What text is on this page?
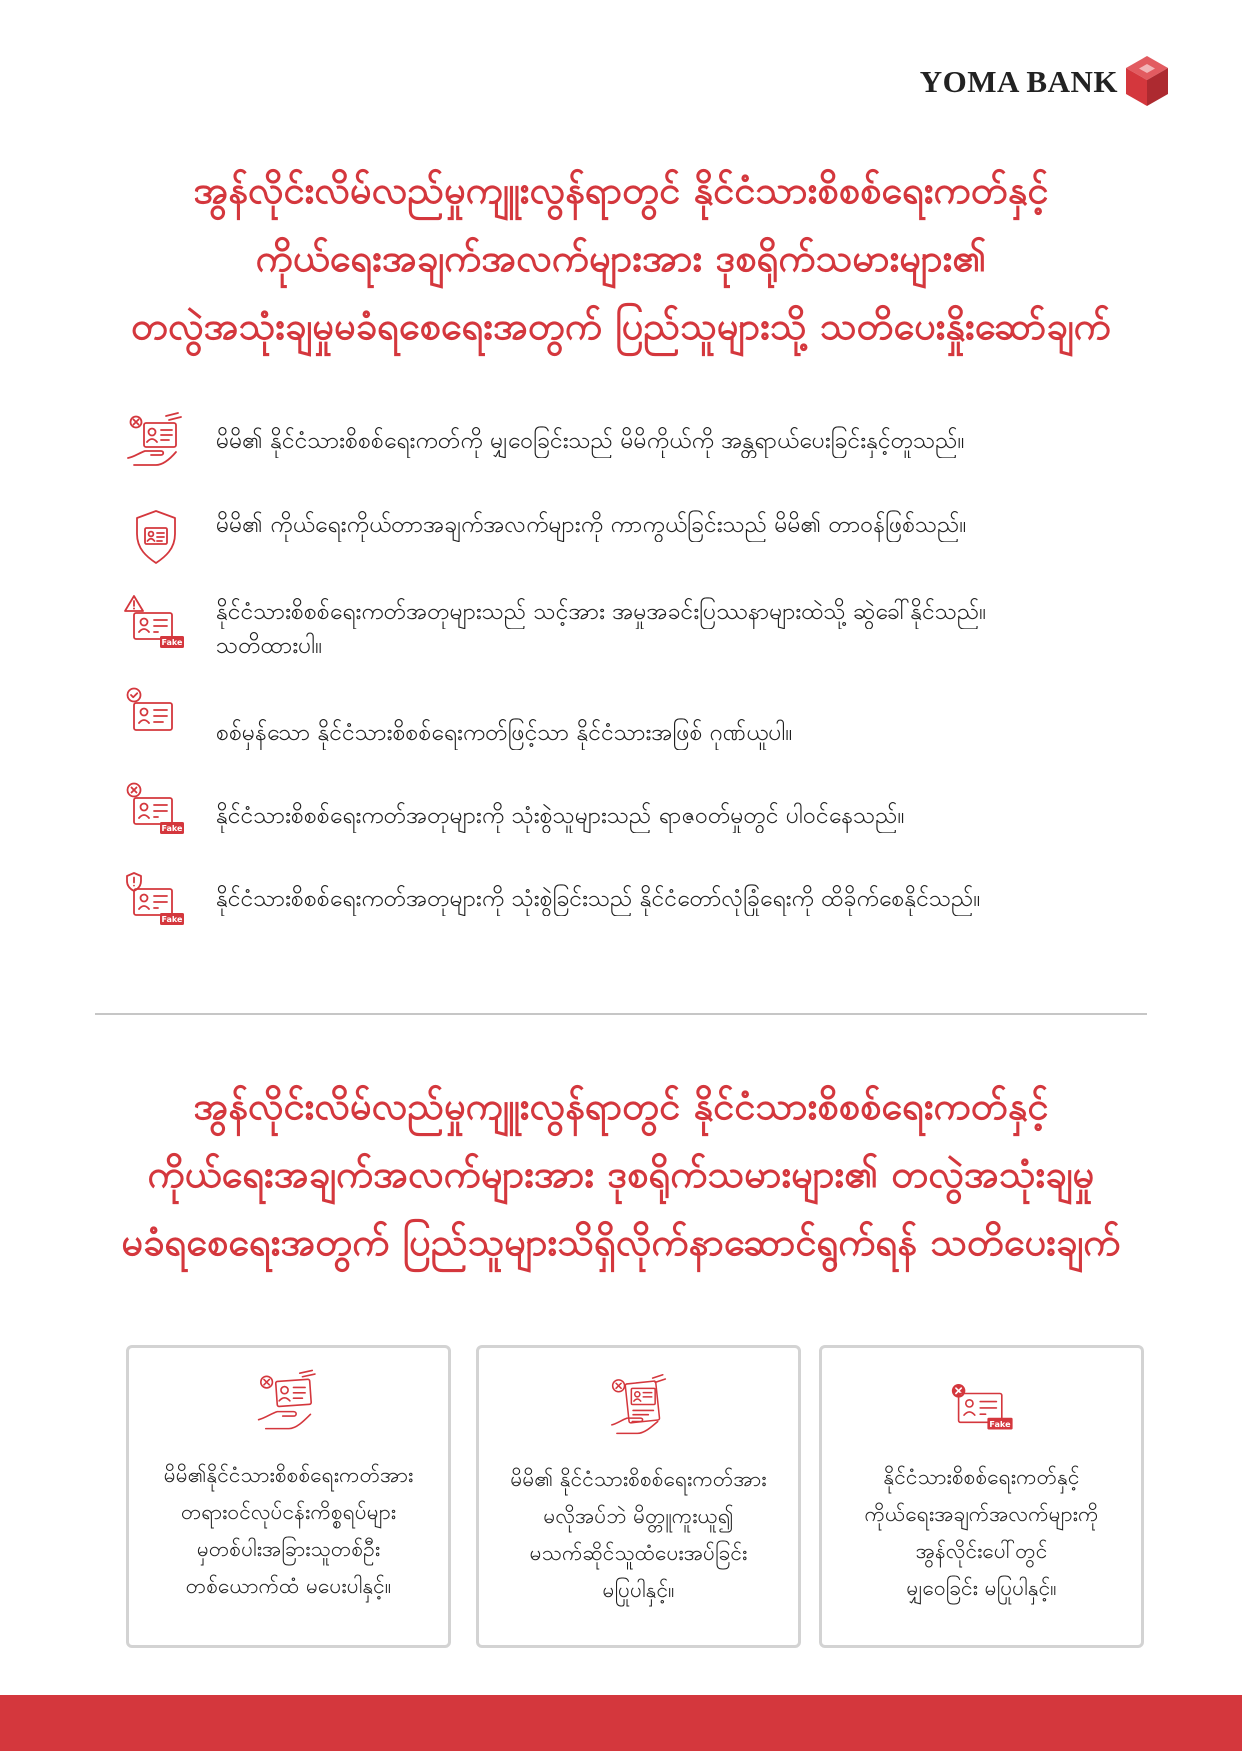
YOMA BANK
အွန်လိုင်းလိမ်လည်မှုကျူးလွန်ရာတွင် နိုင်ငံသားစိစစ်ရေးကတ်နှင့်
ကိုယ်ရေးအချက်အလက်များအား ဒုစရိုက်သမားများ၏
တလွဲအသုံးချမှုမခံရစေရေးအတွက် ပြည်သူများသို့ သတိပေးနှိုးဆော်ချက်
မိမိ၏ နိုင်ငံသားစိစစ်ရေးကတ်ကို မျှဝေခြင်းသည် မိမိကိုယ်ကို အန္တရာယ်ပေးခြင်းနှင့်တူသည်။
မိမိ၏ ကိုယ်ရေးကိုယ်တာအချက်အလက်များကို ကာကွယ်ခြင်းသည် မိမိ၏ တာဝန်ဖြစ်သည်။
Fake
နိုင်ငံသားစိစစ်ရေးကတ်အတုများသည် သင့်အား အမှုအခင်းပြဿနာများထဲသို့ ဆွဲခေါ်နိုင်သည်။
သတိထားပါ။
စစ်မှန်သော နိုင်ငံသားစိစစ်ရေးကတ်ဖြင့်သာ နိုင်ငံသားအဖြစ် ဂုဏ်ယူပါ။
Fake နိုင်ငံသားစိစစ်ရေးကတ်အတုများကို သုံးစွဲသူများသည် ရာဇဝတ်မှုတွင် ပါဝင်နေသည်။
Fake
နိုင်ငံသားစိစစ်ရေးကတ်အတုများကို သုံးစွဲခြင်းသည် နိုင်ငံတော်လုံခြုံရေးကို ထိခိုက်စေနိုင်သည်။
အွန်လိုင်းလိမ်လည်မှုကျူးလွန်ရာတွင် နိုင်ငံသားစိစစ်ရေးကတ်နှင့်
ကိုယ်ရေးအချက်အလက်များအား ဒုစရိုက်သမားများ၏ တလွဲအသုံးချမှု
မခံရစေရေးအတွက် ပြည်သူများသိရှိလိုက်နာဆောင်ရွက်ရန် သတိပေးချက်
မိမိ၏နိုင်ငံသားစိစစ်ရေးကတ်အား
တရားဝင်လုပ်ငန်းကိစ္စရပ်များ
မှတစ်ပါးအခြားသူတစ်ဦး
တစ်ယောက်ထံ မပေးပါနှင့်။
မိမိ၏ နိုင်ငံသားစိစစ်ရေးကတ်အား
မလိုအပ်ဘဲ မိတ္တူကူးယူ၍
မသက်ဆိုင်သူထံပေးအပ်ခြင်း
မပြုပါနှင့်။
Fake
နိုင်ငံသားစိစစ်ရေးကတ်နှင့်
ကိုယ်ရေးအချက်အလက်များကို
အွန်လိုင်းပေါ်တွင်
မျှဝေခြင်း မပြုပါနှင့်။
